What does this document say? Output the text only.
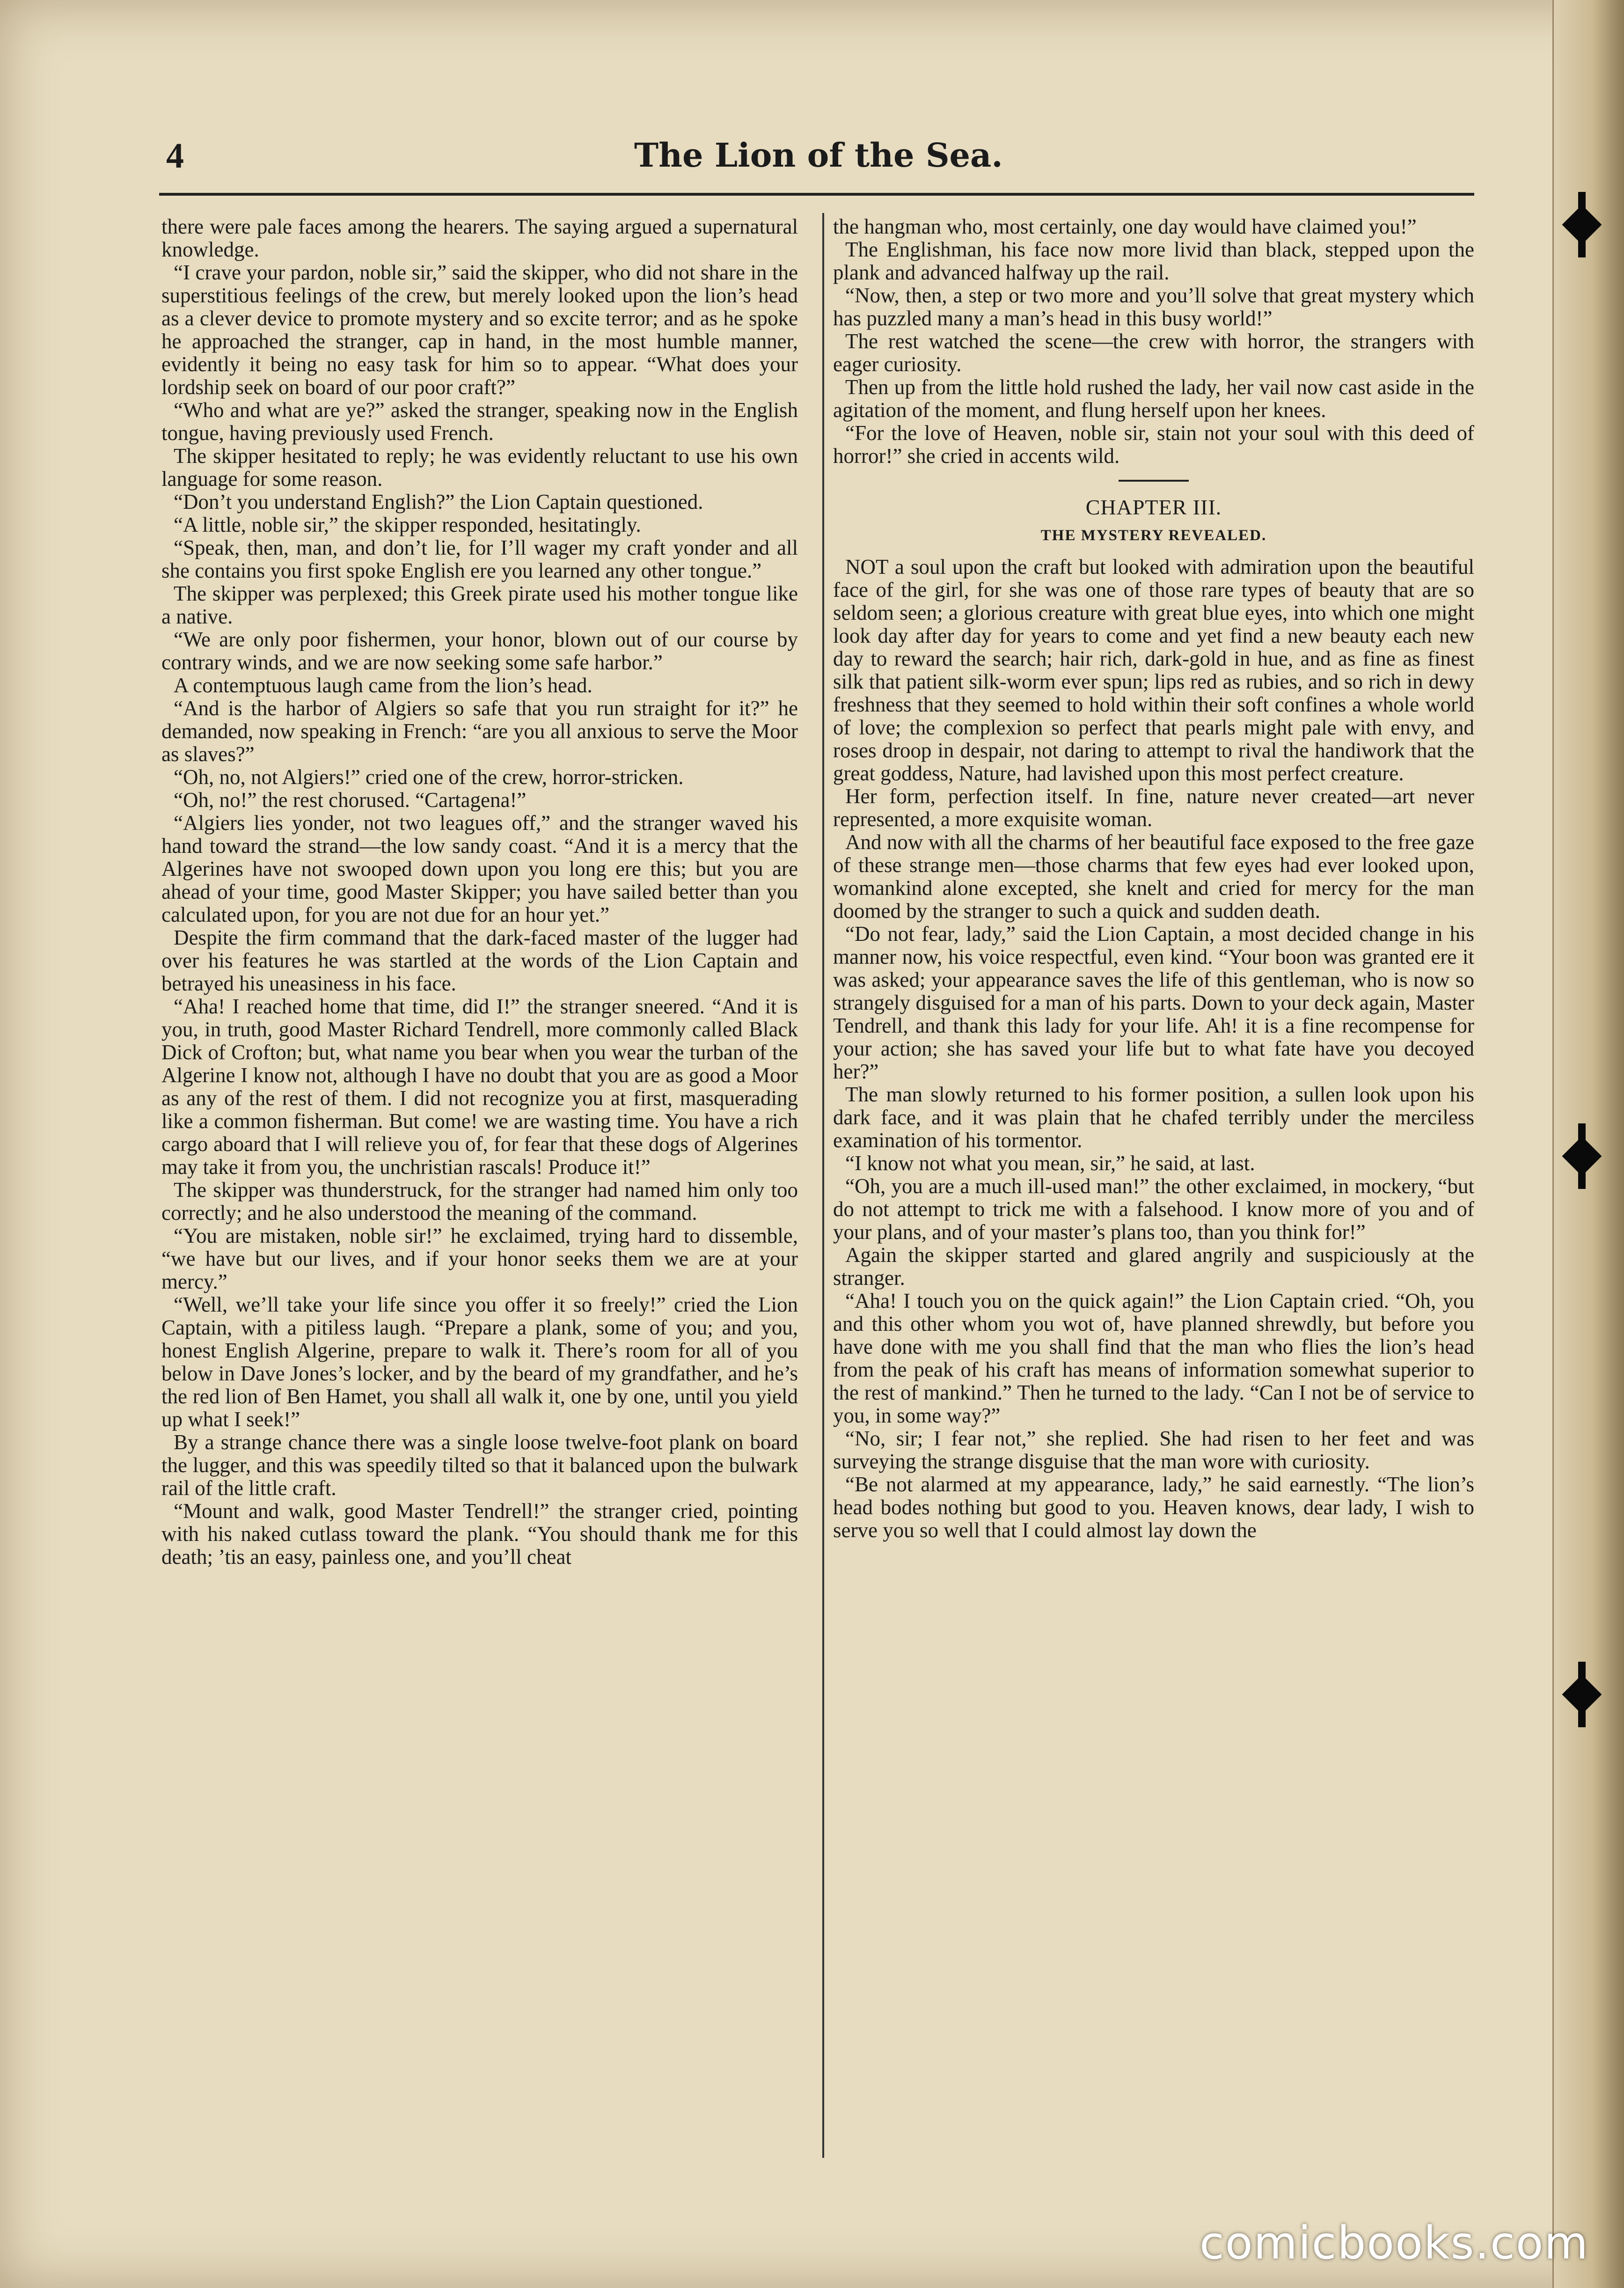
4	The Lion of the Sea.

there were pale faces among the hearers. The saying argued a supernatural knowledge.

“I crave your pardon, noble sir,” said the skipper, who did not share in the superstitious feelings of the crew, but merely looked upon the lion’s head as a clever device to promote mystery and so excite terror; and as he spoke he approached the stranger, cap in hand, in the most humble manner, evidently it being no easy task for him so to appear. “What does your lordship seek on board of our poor craft?”

“Who and what are ye?” asked the stranger, speaking now in the English tongue, having previously used French.

The skipper hesitated to reply; he was evidently reluctant to use his own language for some reason.

“Don’t you understand English?” the Lion Captain questioned.

“A little, noble sir,” the skipper responded, hesitatingly.

“Speak, then, man, and don’t lie, for I’ll wager my craft yonder and all she contains you first spoke English ere you learned any other tongue.”

The skipper was perplexed; this Greek pirate used his mother tongue like a native.

“We are only poor fishermen, your honor, blown out of our course by contrary winds, and we are now seeking some safe harbor.”

A contemptuous laugh came from the lion’s head.

“And is the harbor of Algiers so safe that you run straight for it?” he demanded, now speaking in French: “are you all anxious to serve the Moor as slaves?”

“Oh, no, not Algiers!” cried one of the crew, horror-stricken.

“Oh, no!” the rest chorused. “Cartagena!”

“Algiers lies yonder, not two leagues off,” and the stranger waved his hand toward the strand—the low sandy coast. “And it is a mercy that the Algerines have not swooped down upon you long ere this; but you are ahead of your time, good Master Skipper; you have sailed better than you calculated upon, for you are not due for an hour yet.”

Despite the firm command that the dark-faced master of the lugger had over his features he was startled at the words of the Lion Captain and betrayed his uneasiness in his face.

“Aha! I reached home that time, did I!” the stranger sneered. “And it is you, in truth, good Master Richard Tendrell, more commonly called Black Dick of Crofton; but, what name you bear when you wear the turban of the Algerine I know not, although I have no doubt that you are as good a Moor as any of the rest of them. I did not recognize you at first, masquerading like a common fisherman. But come! we are wasting time. You have a rich cargo aboard that I will relieve you of, for fear that these dogs of Algerines may take it from you, the unchristian rascals! Produce it!”

The skipper was thunderstruck, for the stranger had named him only too correctly; and he also understood the meaning of the command.

“You are mistaken, noble sir!” he exclaimed, trying hard to dissemble, “we have but our lives, and if your honor seeks them we are at your mercy.”

“Well, we’ll take your life since you offer it so freely!” cried the Lion Captain, with a pitiless laugh. “Prepare a plank, some of you; and you, honest English Algerine, prepare to walk it. There’s room for all of you below in Dave Jones’s locker, and by the beard of my grandfather, and he’s the red lion of Ben Hamet, you shall all walk it, one by one, until you yield up what I seek!”

By a strange chance there was a single loose twelve-foot plank on board the lugger, and this was speedily tilted so that it balanced upon the bulwark rail of the little craft.

“Mount and walk, good Master Tendrell!” the stranger cried, pointing with his naked cutlass toward the plank. “You should thank me for this death; ’tis an easy, painless one, and you’ll cheat

the hangman who, most certainly, one day would have claimed you!”

The Englishman, his face now more livid than black, stepped upon the plank and advanced halfway up the rail.

“Now, then, a step or two more and you’ll solve that great mystery which has puzzled many a man’s head in this busy world!”

The rest watched the scene—the crew with horror, the strangers with eager curiosity.

Then up from the little hold rushed the lady, her vail now cast aside in the agitation of the moment, and flung herself upon her knees.

“For the love of Heaven, noble sir, stain not your soul with this deed of horror!” she cried in accents wild.

CHAPTER III.
THE MYSTERY REVEALED.

NOT a soul upon the craft but looked with admiration upon the beautiful face of the girl, for she was one of those rare types of beauty that are so seldom seen; a glorious creature with great blue eyes, into which one might look day after day for years to come and yet find a new beauty each new day to reward the search; hair rich, dark-gold in hue, and as fine as finest silk that patient silk-worm ever spun; lips red as rubies, and so rich in dewy freshness that they seemed to hold within their soft confines a whole world of love; the complexion so perfect that pearls might pale with envy, and roses droop in despair, not daring to attempt to rival the handiwork that the great goddess, Nature, had lavished upon this most perfect creature.

Her form, perfection itself. In fine, nature never created—art never represented, a more exquisite woman.

And now with all the charms of her beautiful face exposed to the free gaze of these strange men—those charms that few eyes had ever looked upon, womankind alone excepted, she knelt and cried for mercy for the man doomed by the stranger to such a quick and sudden death.

“Do not fear, lady,” said the Lion Captain, a most decided change in his manner now, his voice respectful, even kind. “Your boon was granted ere it was asked; your appearance saves the life of this gentleman, who is now so strangely disguised for a man of his parts. Down to your deck again, Master Tendrell, and thank this lady for your life. Ah! it is a fine recompense for your action; she has saved your life but to what fate have you decoyed her?”

The man slowly returned to his former position, a sullen look upon his dark face, and it was plain that he chafed terribly under the merciless examination of his tormentor.

“I know not what you mean, sir,” he said, at last.

“Oh, you are a much ill-used man!” the other exclaimed, in mockery, “but do not attempt to trick me with a falsehood. I know more of you and of your plans, and of your master’s plans too, than you think for!”

Again the skipper started and glared angrily and suspiciously at the stranger.

“Aha! I touch you on the quick again!” the Lion Captain cried. “Oh, you and this other whom you wot of, have planned shrewdly, but before you have done with me you shall find that the man who flies the lion’s head from the peak of his craft has means of information somewhat superior to the rest of mankind.” Then he turned to the lady. “Can I not be of service to you, in some way?”

“No, sir; I fear not,” she replied. She had risen to her feet and was surveying the strange disguise that the man wore with curiosity.

“Be not alarmed at my appearance, lady,” he said earnestly. “The lion’s head bodes nothing but good to you. Heaven knows, dear lady, I wish to serve you so well that I could almost lay down the

comicbooks.com
